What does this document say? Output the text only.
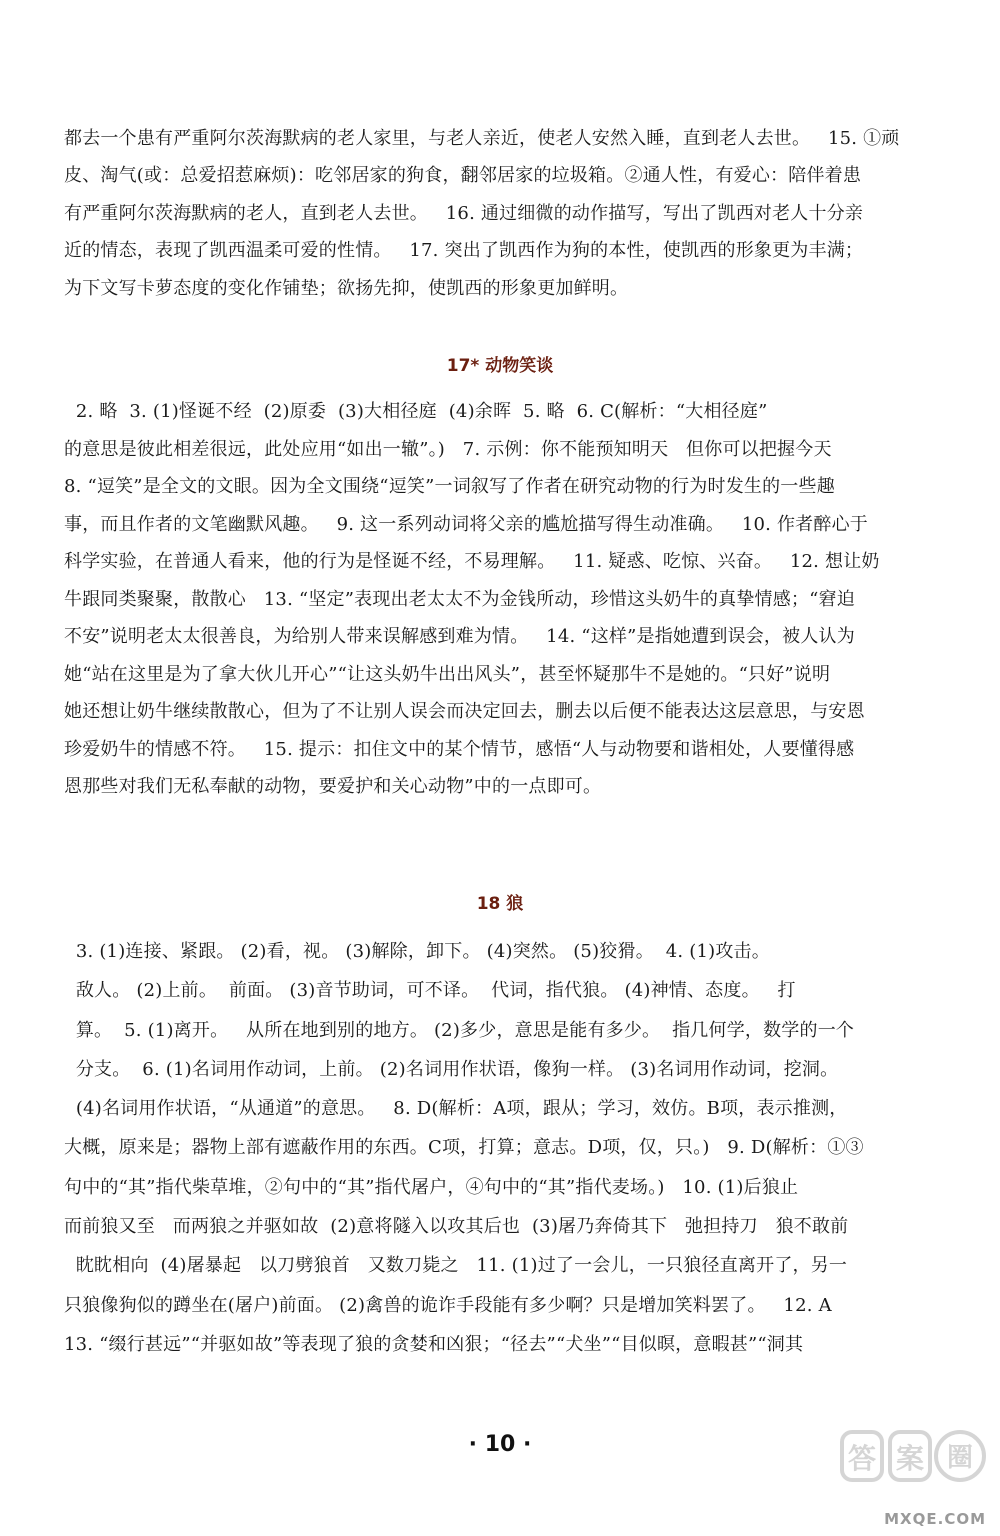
都去一个患有严重阿尔茨海默病的老人家里，与老人亲近，使老人安然入睡，直到老人去世。   15. ①顽

皮、淘气(或：总爱招惹麻烦)：吃邻居家的狗食，翻邻居家的垃圾箱。②通人性，有爱心：陪伴着患

有严重阿尔茨海默病的老人，直到老人去世。   16. 通过细微的动作描写，写出了凯西对老人十分亲

近的情态，表现了凯西温柔可爱的性情。   17. 突出了凯西作为狗的本性，使凯西的形象更为丰满；

为下文写卡萝态度的变化作铺垫；欲扬先抑，使凯西的形象更加鲜明。

17* 动物笑谈

2. 略  3. (1)怪诞不经  (2)原委  (3)大相径庭  (4)余晖  5. 略  6. C(解析：“大相径庭”

的意思是彼此相差很远，此处应用“如出一辙”。)   7. 示例：你不能预知明天   但你可以把握今天

8. “逗笑”是全文的文眼。因为全文围绕“逗笑”一词叙写了作者在研究动物的行为时发生的一些趣

事，而且作者的文笔幽默风趣。   9. 这一系列动词将父亲的尴尬描写得生动准确。   10. 作者醉心于

科学实验，在普通人看来，他的行为是怪诞不经，不易理解。   11. 疑惑、吃惊、兴奋。   12. 想让奶

牛跟同类聚聚，散散心   13. “坚定”表现出老太太不为金钱所动，珍惜这头奶牛的真挚情感；“窘迫

不安”说明老太太很善良，为给别人带来误解感到难为情。   14. “这样”是指她遭到误会，被人认为

她“站在这里是为了拿大伙儿开心”“让这头奶牛出出风头”，甚至怀疑那牛不是她的。“只好”说明

她还想让奶牛继续散散心，但为了不让别人误会而决定回去，删去以后便不能表达这层意思，与安恩

珍爱奶牛的情感不符。   15. 提示：扣住文中的某个情节，感悟“人与动物要和谐相处，人要懂得感

恩那些对我们无私奉献的动物，要爱护和关心动物”中的一点即可。

18 狼

3. (1)连接、紧跟。 (2)看，视。 (3)解除，卸下。 (4)突然。 (5)狡猾。  4. (1)攻击。

敌人。 (2)上前。  前面。 (3)音节助词，可不译。  代词，指代狼。 (4)神情、态度。   打

算。  5. (1)离开。   从所在地到别的地方。 (2)多少，意思是能有多少。  指几何学，数学的一个

分支。  6. (1)名词用作动词，上前。 (2)名词用作状语，像狗一样。 (3)名词用作动词，挖洞。

(4)名词用作状语，“从通道”的意思。   8. D(解析：A项，跟从；学习，效仿。B项，表示推测，

大概，原来是；器物上部有遮蔽作用的东西。C项，打算；意志。D项，仅，只。)   9. D(解析：①③

句中的“其”指代柴草堆，②句中的“其”指代屠户，④句中的“其”指代麦场。)   10. (1)后狼止

而前狼又至   而两狼之并驱如故  (2)意将隧入以攻其后也  (3)屠乃奔倚其下   弛担持刀   狼不敢前

眈眈相向  (4)屠暴起   以刀劈狼首   又数刀毙之   11. (1)过了一会儿，一只狼径直离开了，另一

只狼像狗似的蹲坐在(屠户)前面。 (2)禽兽的诡诈手段能有多少啊？只是增加笑料罢了。   12. A

13. “缀行甚远”“并驱如故”等表现了狼的贪婪和凶狠；“径去”“犬坐”“目似暝，意暇甚”“洞其

· 10 ·	答 案 圈
MXQE.COM
